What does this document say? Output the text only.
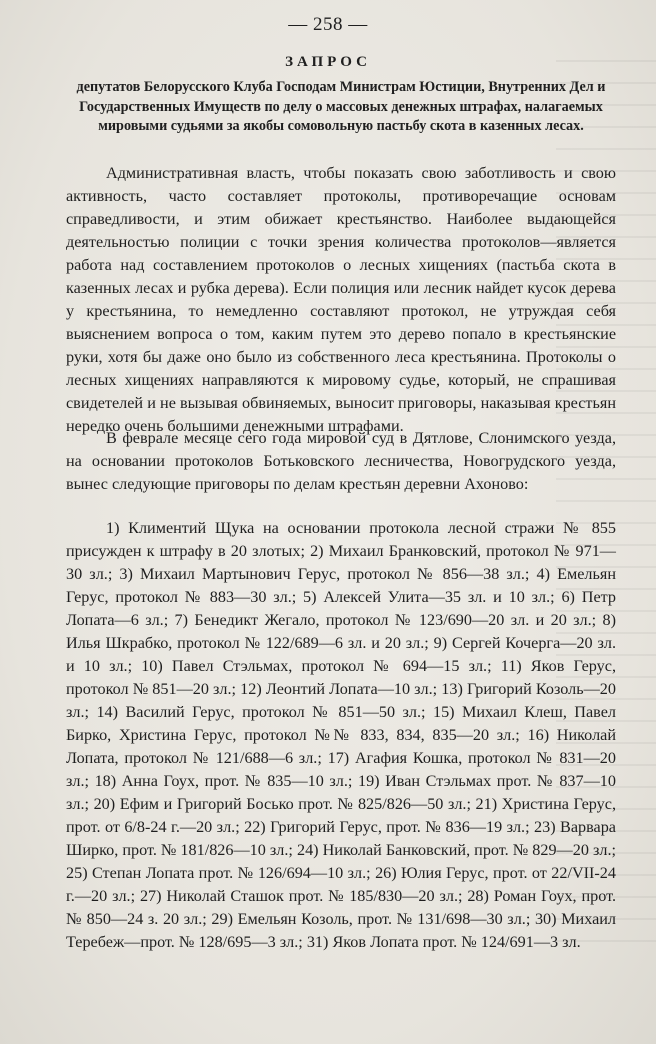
— 258 —
ЗАПРОС
депутатов Белорусского Клуба Господам Министрам Юстиции, Внутренних Дел и Государственных Имуществ по делу о массовых денежных штрафах, налагаемых мировыми судьями за якобы сомовольную пастьбу скота в казенных лесах.

Административная власть, чтобы показать свою заботливость и свою активность, часто составляет протоколы, противоречащие основам справедливости, и этим обижает крестьянство. Наиболее выдающейся деятельностью полиции с точки зрения количества протоколов—является работа над составлением протоколов о лесных хищениях (пастьба скота в казенных лесах и рубка дерева). Если полиция или лесник найдет кусок дерева у крестьянина, то немедленно составляют протокол, не утруждая себя выяснением вопроса о том, каким путем это дерево попало в крестьянские руки, хотя бы даже оно было из собственного леса крестьянина. Протоколы о лесных хищениях направляются к мировому судье, который, не спрашивая свидетелей и не вызывая обвиняемых, выносит приговоры, наказывая крестьян нередко очень большими денежными штрафами.

В феврале месяце сего года мировой суд в Дятлове, Слонимского уезда, на основании протоколов Ботьковского лесничества, Новогрудского уезда, вынес следующие приговоры по делам крестьян деревни Ахоново:

1) Климентий Щука на основании протокола лесной стражи № 855 присужден к штрафу в 20 злотых; 2) Михаил Бранковский, протокол № 971—30 зл.; 3) Михаил Мартынович Герус, протокол № 856—38 зл.; 4) Емельян Герус, протокол № 883—30 зл.; 5) Алексей Улита—35 зл. и 10 зл.; 6) Петр Лопата—6 зл.; 7) Бенедикт Жегало, протокол № 123/690—20 зл. и 20 зл.; 8) Илья Шкрабко, протокол № 122/689—6 зл. и 20 зл.; 9) Сергей Кочерга—20 зл. и 10 зл.; 10) Павел Стэльмах, протокол № 694—15 зл.; 11) Яков Герус, протокол № 851—20 зл.; 12) Леонтий Лопата—10 зл.; 13) Григорий Козоль—20 зл.; 14) Василий Герус, протокол № 851—50 зл.; 15) Михаил Клеш, Павел Бирко, Христина Герус, протокол №№ 833, 834, 835—20 зл.; 16) Николай Лопата, протокол № 121/688—6 зл.; 17) Агафия Кошка, протокол № 831—20 зл.; 18) Анна Гоух, прот. № 835—10 зл.; 19) Иван Стэльмах прот. № 837—10 зл.; 20) Ефим и Григорий Босько прот. № 825/826—50 зл.; 21) Христина Герус, прот. от 6/8-24 г.—20 зл.; 22) Григорий Герус, прот. № 836—19 зл.; 23) Варвара Ширко, прот. № 181/826—10 зл.; 24) Николай Банковский, прот. № 829—20 зл.; 25) Степан Лопата прот. № 126/694—10 зл.; 26) Юлия Герус, прот. от 22/VII-24 г.—20 зл.; 27) Николай Сташок прот. № 185/830—20 зл.; 28) Роман Гоух, прот. № 850—24 з. 20 зл.; 29) Емельян Козоль, прот. № 131/698—30 зл.; 30) Михаил Теребеж—прот. № 128/695—3 зл.; 31) Яков Лопата прот. № 124/691—3 зл.
